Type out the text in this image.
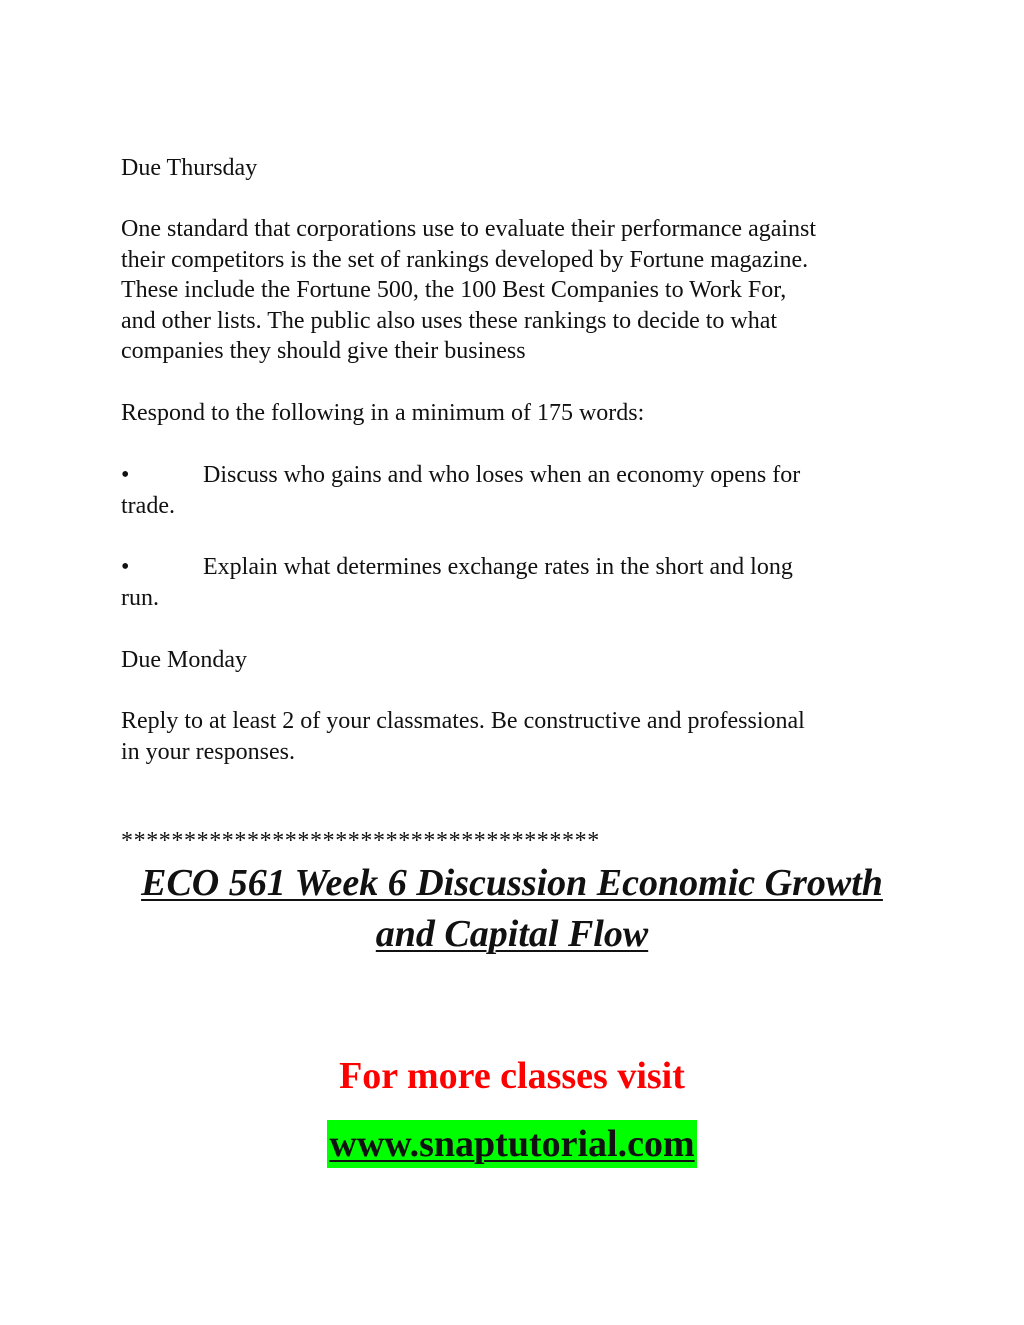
Due Thursday

One standard that corporations use to evaluate their performance against
their competitors is the set of rankings developed by Fortune magazine.
These include the Fortune 500, the 100 Best Companies to Work For,
and other lists. The public also uses these rankings to decide to what
companies they should give their business

Respond to the following in a minimum of 175 words:

•	Discuss who gains and who loses when an economy opens for
trade.

•	Explain what determines exchange rates in the short and long
run.

Due Monday

Reply to at least 2 of your classmates. Be constructive and professional
in your responses.

**************************************

ECO 561 Week 6 Discussion Economic Growth
and Capital Flow

For more classes visit

www.snaptutorial.com
